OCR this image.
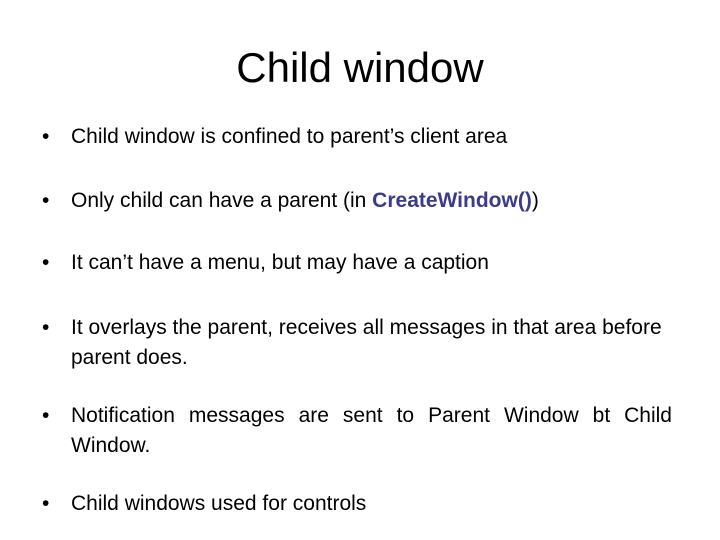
Child window
•	Child window is confined to parent’s client area
•	Only child can have a parent (in CreateWindow())
•	It can’t have a menu, but may have a caption
•	It overlays the parent, receives all messages in that area before parent does.
•	Notification messages are sent to Parent Window bt Child Window.
•	Child windows used for controls
